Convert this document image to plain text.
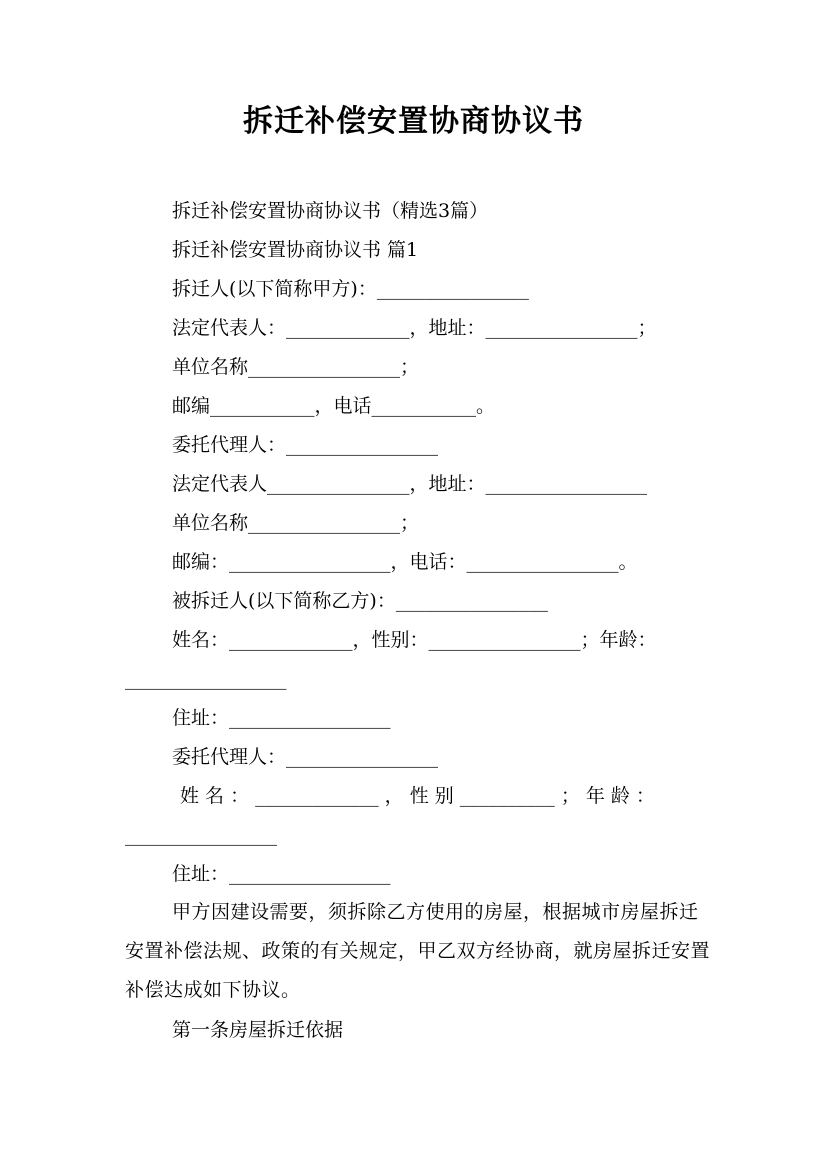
拆迁补偿安置协商协议书
拆迁补偿安置协商协议书（精选3篇）
拆迁补偿安置协商协议书 篇1
拆迁人(以下简称甲方)：________________
法定代表人：_____________，地址：________________；
单位名称________________；
邮编___________，电话___________。
委托代理人：________________
法定代表人_______________，地址：_________________
单位名称________________；
邮编：_________________，电话：________________。
被拆迁人(以下简称乙方)：________________
姓名：_____________，性别：________________；年龄：
_________________
住址：_________________
委托代理人：________________
姓 名 ： _____________ ， 性 别 __________ ； 年 龄 ：
________________
住址：_________________
甲方因建设需要，须拆除乙方使用的房屋，根据城市房屋拆迁安置补偿法规、政策的有关规定，甲乙双方经协商，就房屋拆迁安置补偿达成如下协议。
第一条房屋拆迁依据
